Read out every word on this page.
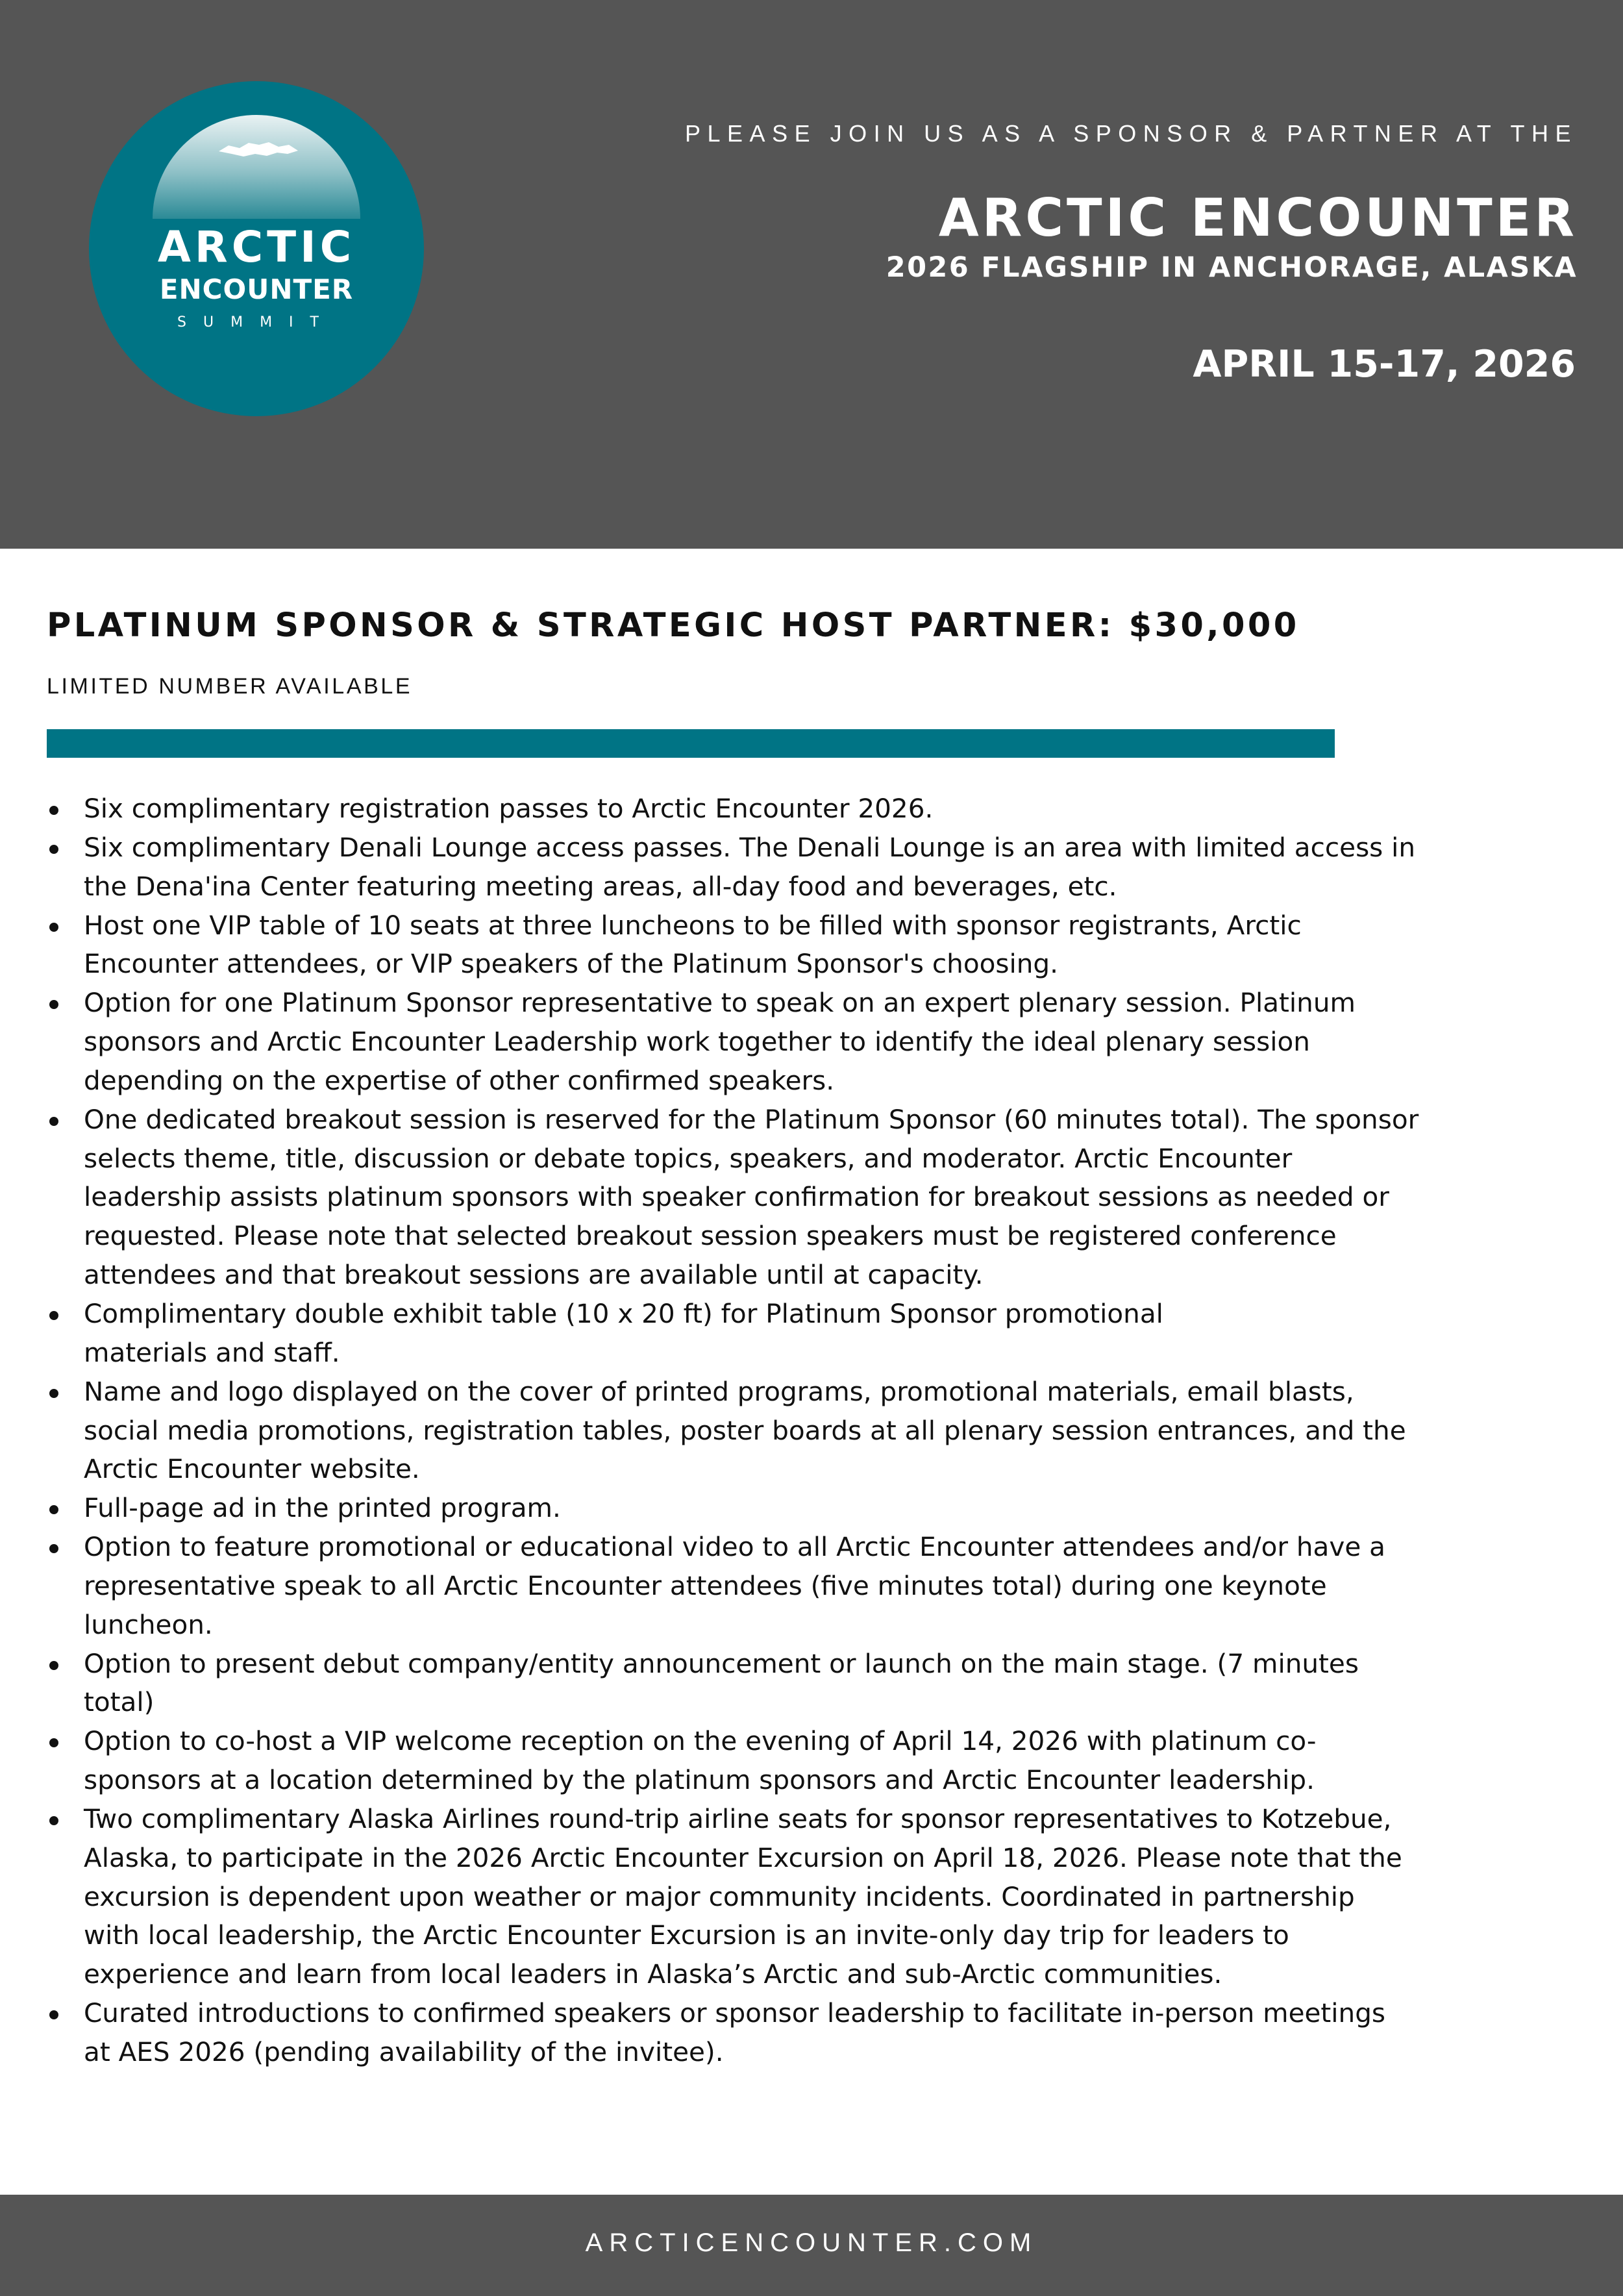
ARCTIC
ENCOUNTER
SUMMIT
PLEASE JOIN US AS A SPONSOR & PARTNER AT THE
ARCTIC ENCOUNTER
2026 FLAGSHIP IN ANCHORAGE, ALASKA
APRIL 15-17, 2026
PLATINUM SPONSOR & STRATEGIC HOST PARTNER: $30,000
LIMITED NUMBER AVAILABLE
Six complimentary registration passes to Arctic Encounter 2026.
Six complimentary Denali Lounge access passes. The Denali Lounge is an area with limited access in
the Dena'ina Center featuring meeting areas, all-day food and beverages, etc.
Host one VIP table of 10 seats at three luncheons to be filled with sponsor registrants, Arctic
Encounter attendees, or VIP speakers of the Platinum Sponsor's choosing.
Option for one Platinum Sponsor representative to speak on an expert plenary session. Platinum
sponsors and Arctic Encounter Leadership work together to identify the ideal plenary session
depending on the expertise of other confirmed speakers.
One dedicated breakout session is reserved for the Platinum Sponsor (60 minutes total). The sponsor
selects theme, title, discussion or debate topics, speakers, and moderator. Arctic Encounter
leadership assists platinum sponsors with speaker confirmation for breakout sessions as needed or
requested. Please note that selected breakout session speakers must be registered conference
attendees and that breakout sessions are available until at capacity.
Complimentary double exhibit table (10 x 20 ft) for Platinum Sponsor promotional
materials and staff.
Name and logo displayed on the cover of printed programs, promotional materials, email blasts,
social media promotions, registration tables, poster boards at all plenary session entrances, and the
Arctic Encounter website.
Full-page ad in the printed program.
Option to feature promotional or educational video to all Arctic Encounter attendees and/or have a
representative speak to all Arctic Encounter attendees (five minutes total) during one keynote
luncheon.
Option to present debut company/entity announcement or launch on the main stage. (7 minutes
total)
Option to co-host a VIP welcome reception on the evening of April 14, 2026 with platinum co-
sponsors at a location determined by the platinum sponsors and Arctic Encounter leadership.
Two complimentary Alaska Airlines round-trip airline seats for sponsor representatives to Kotzebue,
Alaska, to participate in the 2026 Arctic Encounter Excursion on April 18, 2026. Please note that the
excursion is dependent upon weather or major community incidents. Coordinated in partnership
with local leadership, the Arctic Encounter Excursion is an invite-only day trip for leaders to
experience and learn from local leaders in Alaska’s Arctic and sub-Arctic communities.
Curated introductions to confirmed speakers or sponsor leadership to facilitate in-person meetings
at AES 2026 (pending availability of the invitee).
ARCTICENCOUNTER.COM
